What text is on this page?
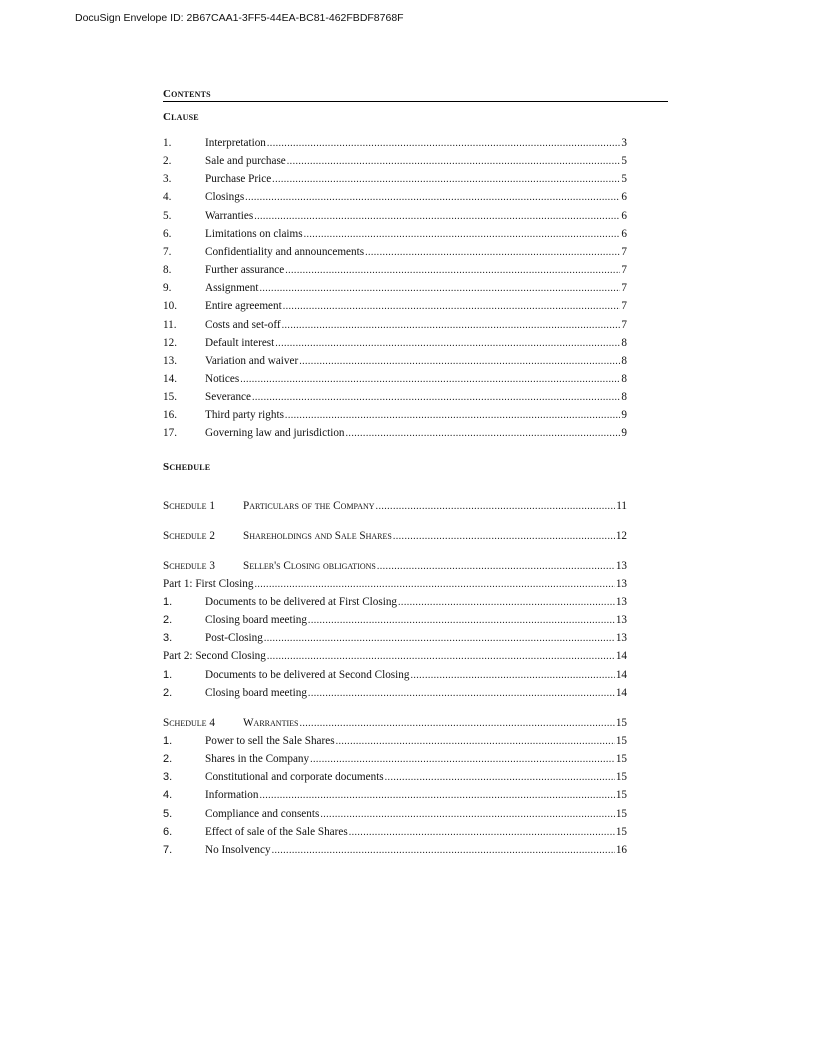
DocuSign Envelope ID: 2B67CAA1-3FF5-44EA-BC81-462FBDF8768F
Contents
Clause
Schedule
1.	Interpretation .....	3
2.	Sale and purchase .....	5
3.	Purchase Price .....	5
4.	Closings .....	6
5.	Warranties .....	6
6.	Limitations on claims .....	6
7.	Confidentiality and announcements .....	7
8.	Further assurance .....	7
9.	Assignment .....	7
10.	Entire agreement .....	7
11.	Costs and set-off .....	7
12.	Default interest .....	8
13.	Variation and waiver .....	8
14.	Notices .....	8
15.	Severance .....	8
16.	Third party rights .....	9
17.	Governing law and jurisdiction .....	9
Schedule 1	Particulars of the Company .....	11
Schedule 2	Shareholdings and Sale Shares .....	12
Schedule 3	Seller's Closing obligations .....	13
Part 1: First Closing .....	13
1.	Documents to be delivered at First Closing .....	13
2.	Closing board meeting .....	13
3.	Post-Closing .....	13
Part 2: Second Closing .....	14
1.	Documents to be delivered at Second Closing .....	14
2.	Closing board meeting .....	14
Schedule 4	Warranties .....	15
1.	Power to sell the Sale Shares .....	15
2.	Shares in the Company .....	15
3.	Constitutional and corporate documents .....	15
4.	Information .....	15
5.	Compliance and consents .....	15
6.	Effect of sale of the Sale Shares .....	15
7.	No Insolvency .....	16
